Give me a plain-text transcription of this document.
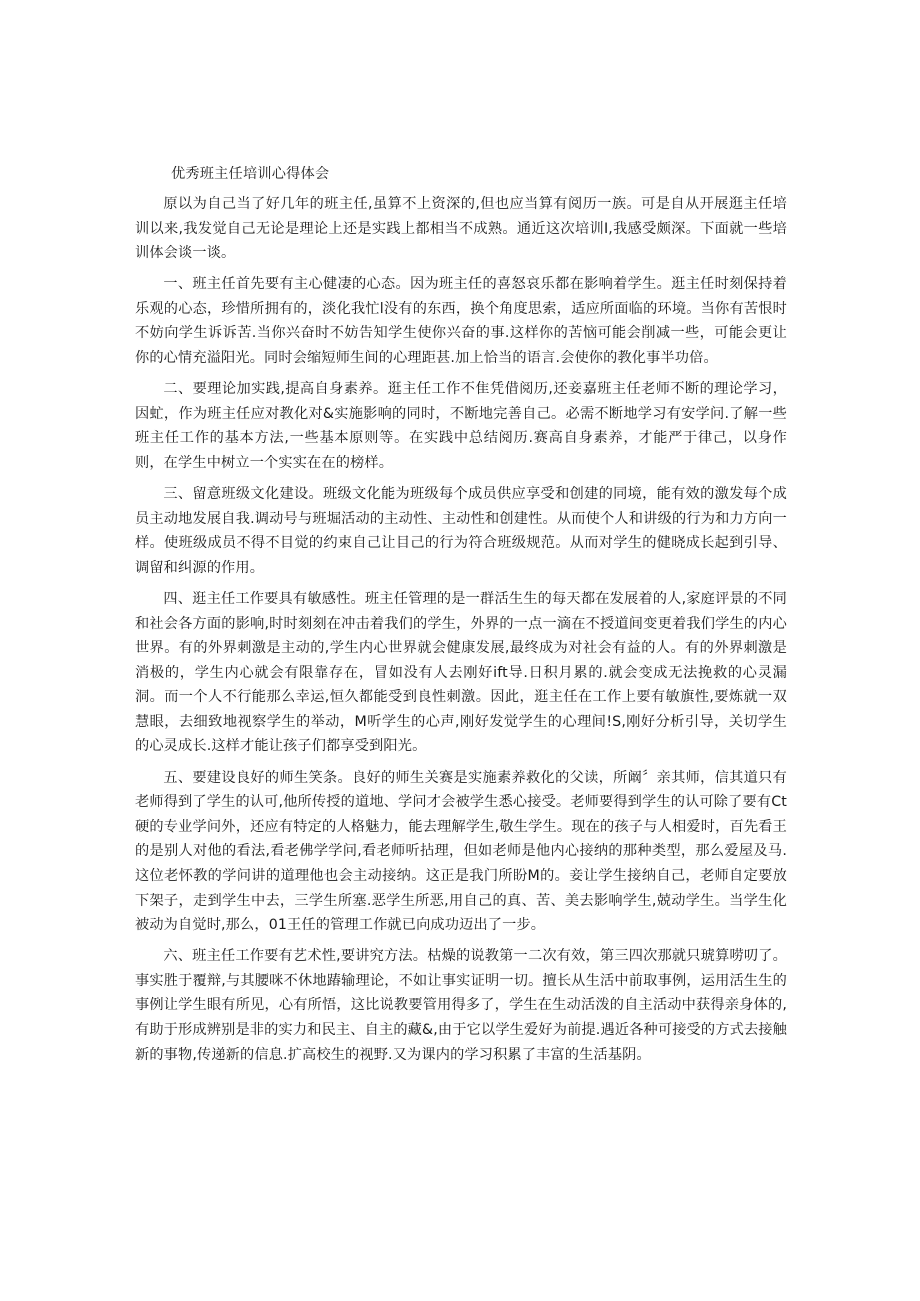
优秀班主任培训心得体会

原以为自己当了好几年的班主任,虽算不上资深的,但也应当算有阅历一族。可是自从开展逛主任培训以来,我发觉自己无论是理论上还是实践上都相当不成熟。通近这次培训I,我感受颇深。下面就一些培训体会谈一谈。

一、班主任首先要有主心健凄的心态。因为班主任的喜怒哀乐都在影响着学生。逛主任时刻保持着乐观的心态，珍惜所拥有的，淡化我忙l没有的东西，换个角度思索，适应所面临的环境。当你有苦恨时不妨向学生诉诉苦.当你兴奋时不妨告知学生使你兴奋的事.这样你的苦恼可能会削减一些，可能会更让你的心情充溢阳光。同时会缩短师生间的心理距甚.加上恰当的语言.会使你的教化事半功倍。

二、要理论加实践,提高自身素养。逛主任工作不隹凭借阅历,还妾嘉班主任老师不断的理论学习，因虻，作为班主任应对教化对&实施影响的同时，不断地完善自己。必需不断地学习有安学问.了解一些班主任工作的基本方法,一些基本原则等。在实践中总结阅历.赛高自身素养，才能严于律己，以身作则，在学生中树立一个实实在在的榜样。

三、留意班级文化建设。班级文化能为班级每个成员供应享受和创建的同境，能有效的激发每个成员主动地发展自我.调动号与班堀活动的主动性、主动性和创建性。从而使个人和讲级的行为和力方向一样。使班级成员不得不目觉的约束自己让目己的行为符合班级规范。从而对学生的健晓成长起到引导、调留和纠源的作用。

四、逛主任工作要具有敏感性。班主任管理的是一群活生生的每天都在发展着的人,家庭评景的不同和社会各方面的影响,时时刻刻在冲击着我们的学生，外界的一点一滴在不授道间变更着我们学生的内心世界。有的外界刺激是主动的,学生内心世界就会健康发展,最终成为对社会有益的人。有的外界刺激是消极的，学生内心就会有限靠存在，冒如没有人去刚好ift导.日积月累的.就会变成无法挽救的心灵漏洞。而一个人不行能那么幸运,恒久都能受到良性刺激。因此，逛主任在工作上要有敏旗性,要炼就一双慧眼，去细致地视察学生的举动，M听学生的心声,刚好发觉学生的心理间!S,刚好分析引导，关切学生的心灵成长.这样才能让孩子们都享受到阳光。

五、要建设良好的师生笑条。良好的师生关赛是实施素养救化的父读，所阚〞亲其师，信其道只有老师得到了学生的认可,他所传授的道地、学问才会被学生悉心接受。老师要得到学生的认可除了要有Ct硬的专业学问外，还应有特定的人格魅力，能去理解学生,敬生学生。现在的孩子与人相爱时，百先看王的是别人对他的看法,看老佛学学问,看老师听拈理，但如老师是他内心接纳的那种类型，那么爱屋及马.这位老怀教的学问讲的道理他也会主动接纳。这正是我门所盼M的。妾让学生接纳自己，老师自定要放下架子，走到学生中去，三学生所塞.恶学生所恶,用自己的真、苦、美去影响学生,兢动学生。当学生化被动为自觉时,那么，01王任的管理工作就已向成功迈出了一步。

六、班主任工作要有艺术性,要讲究方法。枯燥的说教第一二次有效，第三四次那就只琥算唠叨了。事实胜于覆辩,与其腰咪不休地踳输理论，不如让事实证明一切。擅长从生活中前取事例，运用活生生的事例让学生眼有所见，心有所悟，这比说教要管用得多了，学生在生动活泼的自主活动中获得亲身体的,有助于形成辨别是非的实力和民主、自主的藏&,由于它以学生爱好为前提.遇近各种可接受的方式去接触新的事物,传递新的信息.扩高校生的视野.又为课内的学习积累了丰富的生活基阴。
